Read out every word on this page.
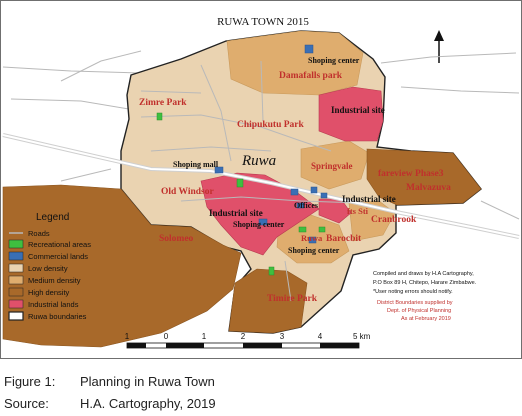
RUWA TOWN 2015
Shoping center
Damafalls park
Zimre Park
Industrial site
Chipukutu Park
Ruwa
Shoping mall	Springvale
fareview Phase3
Malvazuva
Old Windsor
Offices
Industrial site
fts Sti
Industrial site
Shoping center	Cranbrook
Solomeo	Ruwa Barocbit
Shoping center
Timire Park
Legend
Roads
Recreational areas
Commercial lands
Low density
Medium density
High density
Industrial lands
Ruwa boundaries
Compiled and draws by H.A Cartography,
P.O Box 89 H, Chitepo, Harare Zimbabwe.
*User noting errors should notify.
District Boundaries supplied by
Dept. of Physical Planning
As at February 2019
1	0	1	2	3	4	5 km
Figure 1: Planning in Ruwa Town
Source: H.A. Cartography, 2019
